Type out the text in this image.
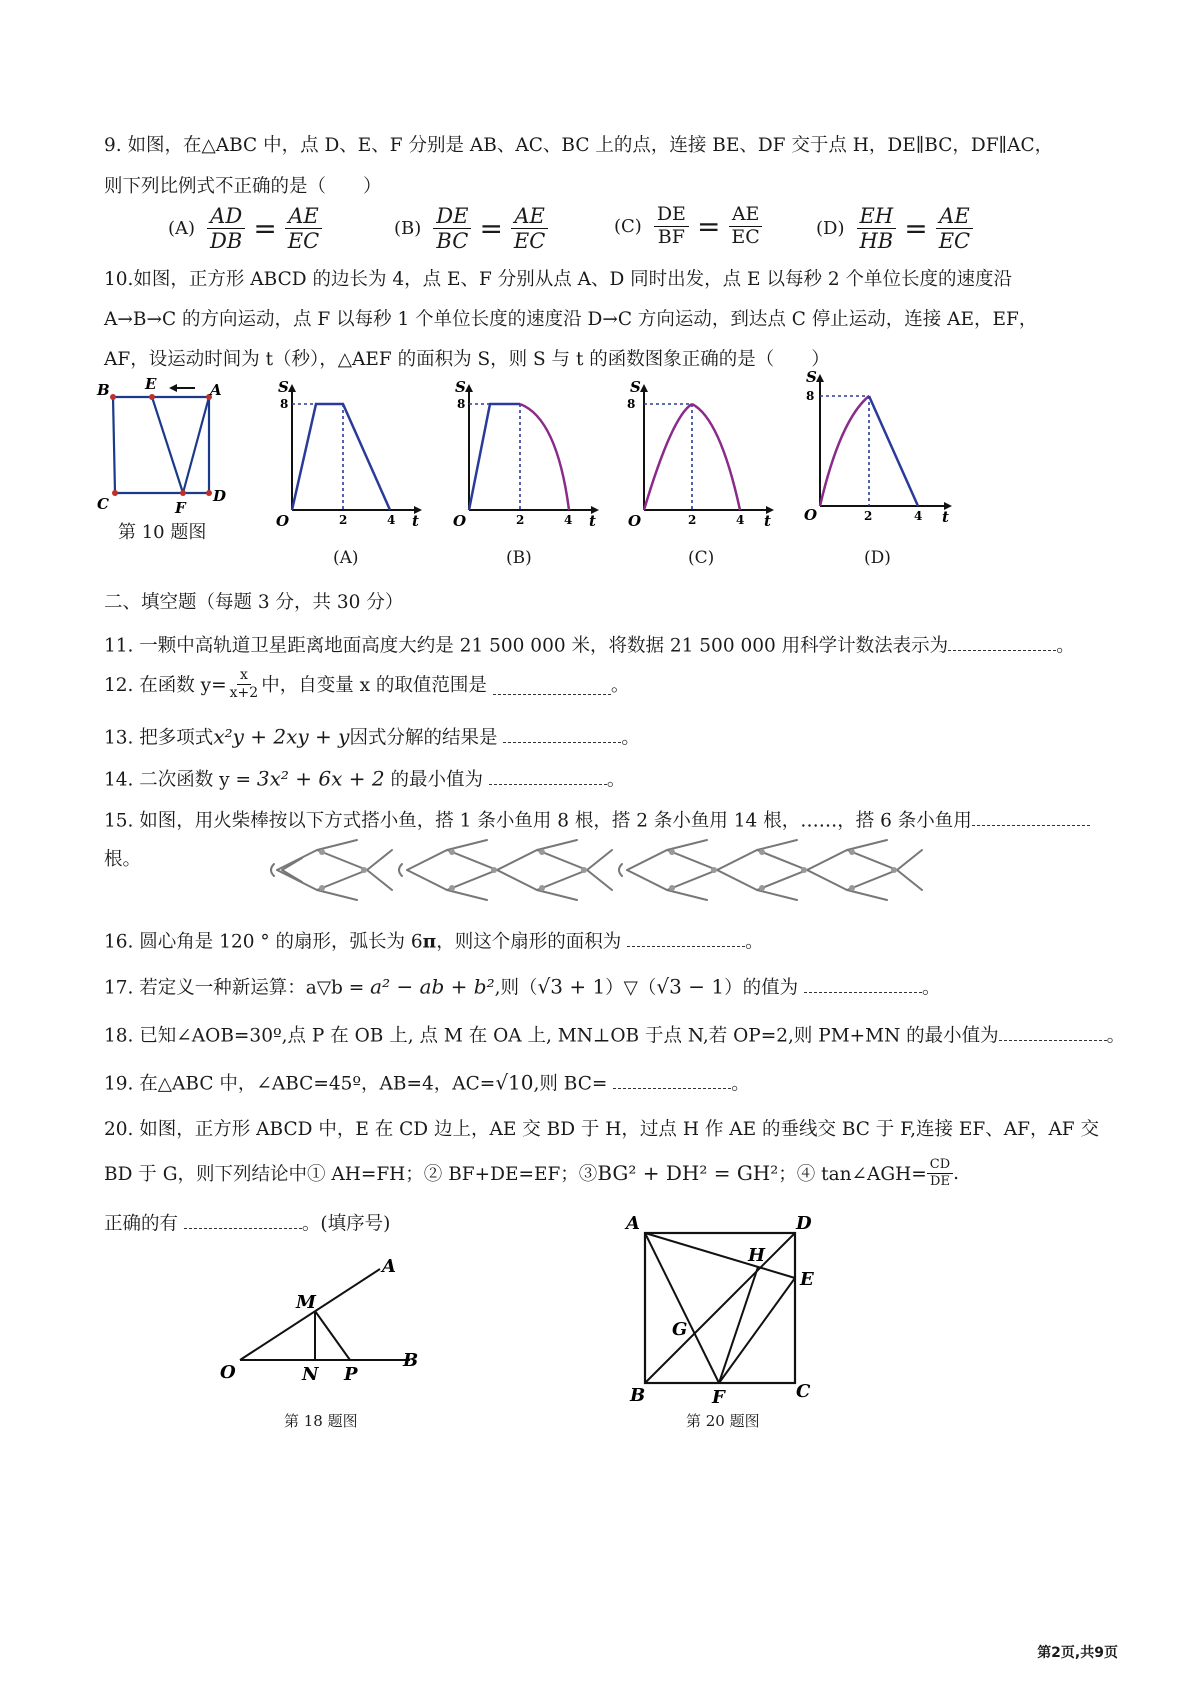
9. 如图，在△ABC 中，点 D、E、F 分别是 AB、AC、BC 上的点，连接 BE、DF 交于点 H，DE∥BC，DF∥AC，
则下列比例式不正确的是（　　）
$(A) \frac{AD}{DB} = \frac{AE}{EC}$	$(B) \frac{DE}{BC} = \frac{AE}{EC}$	$(C) \frac{DE}{BF} = \frac{AE}{EC}$	$(D) \frac{EH}{HB} = \frac{AE}{EC}$
10.如图，正方形 ABCD 的边长为 4，点 E、F 分别从点 A、D 同时出发，点 E 以每秒 2 个单位长度的速度沿
A→B→C 的方向运动，点 F 以每秒 1 个单位长度的速度沿 D→C 方向运动，到达点 C 停止运动，连接 AE，EF，
AF，设运动时间为 t（秒），△AEF 的面积为 S，则 S 与 t 的函数图象正确的是（　　）
B E	A
C	F
D
第 10 题图
S
t
O
8
2	4
(A)
S
t
O
8
2	4
(B)
S
t
O
8
2	4
(C)
S
t
O
8
2	4
(D)
二、填空题（每题 3 分，共 30 分）
11. 一颗中高轨道卫星距离地面高度大约是 21 500 000 米，将数据 21 500 000 用科学计数法表示为	。
12. 在函数 $y= \frac{x}{x+2}$ 中，自变量 x 的取值范围是	。
13. 把多项式x²y + 2xy + y因式分解的结果是	。
14. 二次函数 y = 3x² + 6x + 2 的最小值为	。
15. 如图，用火柴棒按以下方式搭小鱼，搭 1 条小鱼用 8 根，搭 2 条小鱼用 14 根，……，搭 6 条小鱼用
根。
16. 圆心角是 120 ° 的扇形，弧长为 6π，则这个扇形的面积为	。
17. 若定义一种新运算：a▽b = a² − ab + b²,则（√3 + 1）▽（√3 − 1）的值为	。
18. 已知∠AOB=30º,点 P 在 OB 上, 点 M 在 OA 上, MN⊥OB 于点 N,若 OP=2,则 PM+MN 的最小值为	。
19. 在△ABC 中，∠ABC=45º，AB=4，AC=√10,则 BC=	。
20. 如图，正方形 ABCD 中，E 在 CD 边上，AE 交 BD 于 H，过点 H 作 AE 的垂线交 BC 于 F,连接 EF、AF，AF 交
BD 于 G，则下列结论中① AH=FH；② BF+DE=EF；③ BG² + DH² = GH² ；④ tan∠AGH= $\frac{CD}{DE}$ .
正确的有	。(填序号)
A
M
O	N P
B
第 18 题图
A	D
H
E
G
B	F	C
第 20 题图
第2页,共9页
